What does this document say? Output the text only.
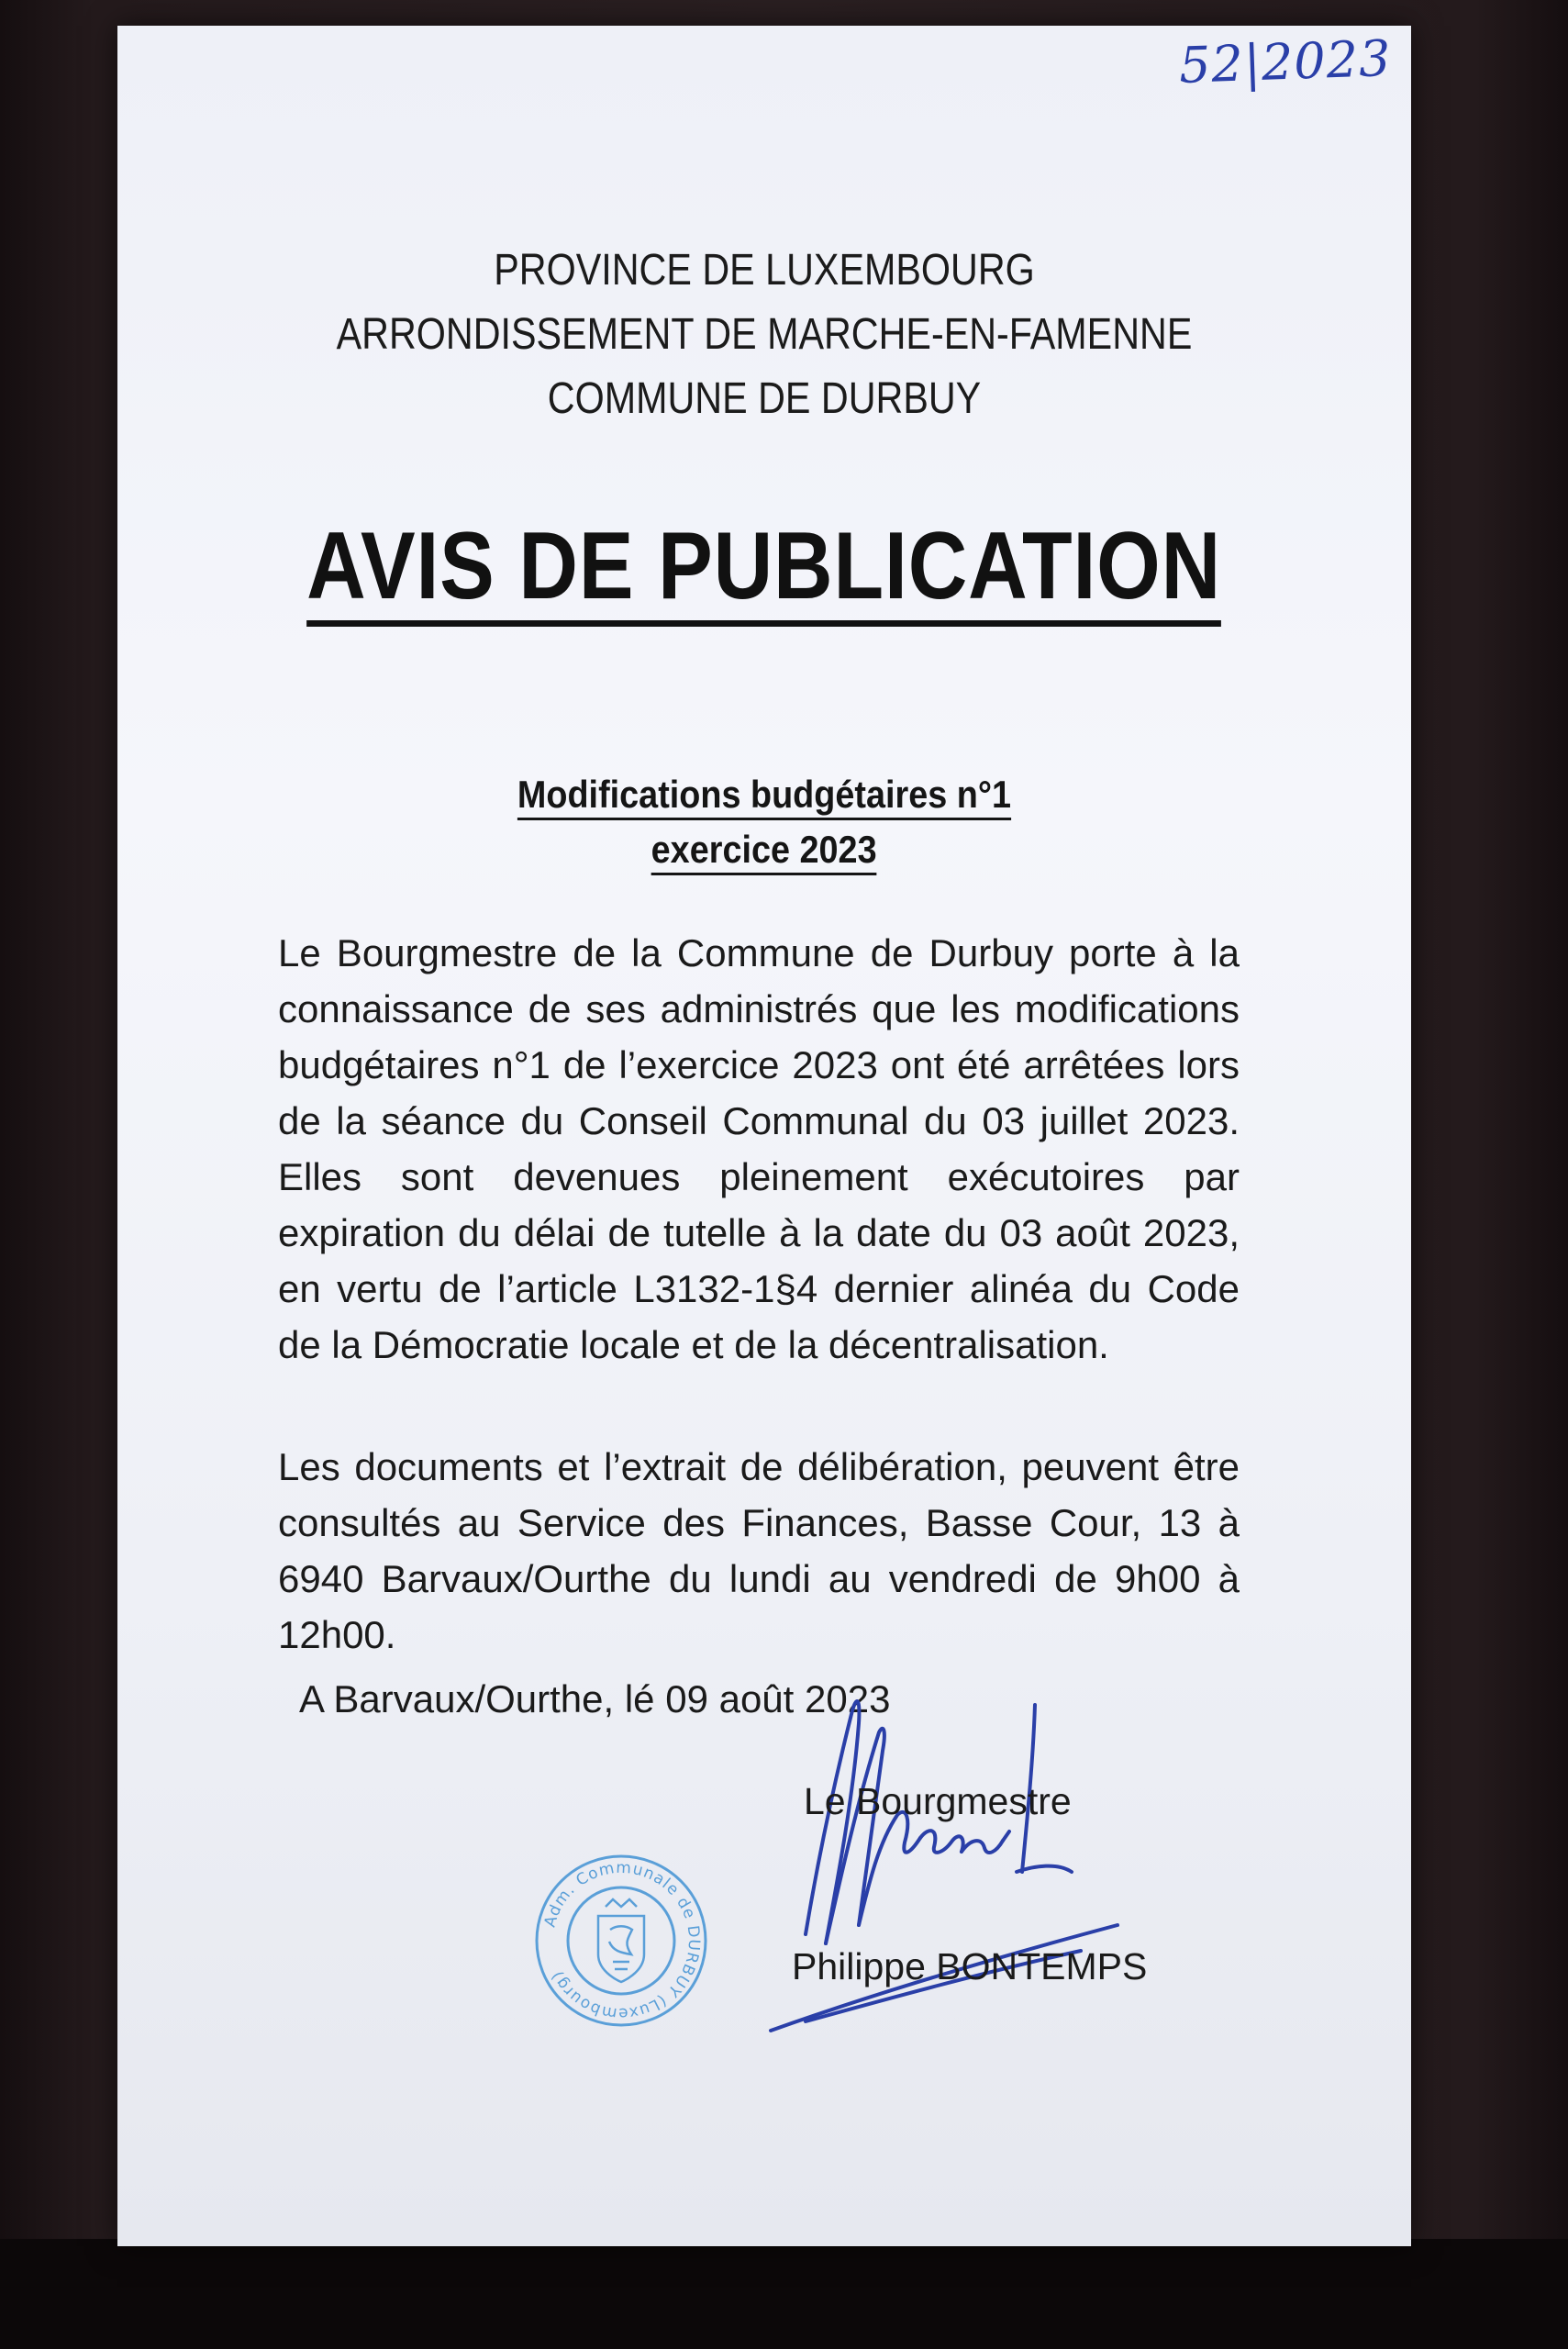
52|2023
PROVINCE DE LUXEMBOURG
ARRONDISSEMENT DE MARCHE-EN-FAMENNE
COMMUNE DE DURBUY
AVIS DE PUBLICATION
Modifications budgétaires n°1
exercice 2023
Le Bourgmestre de la Commune de Durbuy porte à la connaissance de ses administrés que les modifications budgétaires n°1 de l’exercice 2023 ont été arrêtées lors de la séance du Conseil Communal du 03 juillet 2023. Elles sont devenues pleinement exécutoires par expiration du délai de tutelle à la date du 03 août 2023, en vertu de l’article L3132-1§4 dernier alinéa du Code de la Démocratie locale et de la décentralisation.
Les documents et l’extrait de délibération, peuvent être consultés au Service des Finances, Basse Cour, 13 à 6940 Barvaux/Ourthe du lundi au vendredi de 9h00 à 12h00.
A Barvaux/Ourthe, lé 09 août 2023
Le Bourgmestre
Philippe BONTEMPS
Adm. Communale de DURBUY (Luxembourg)
